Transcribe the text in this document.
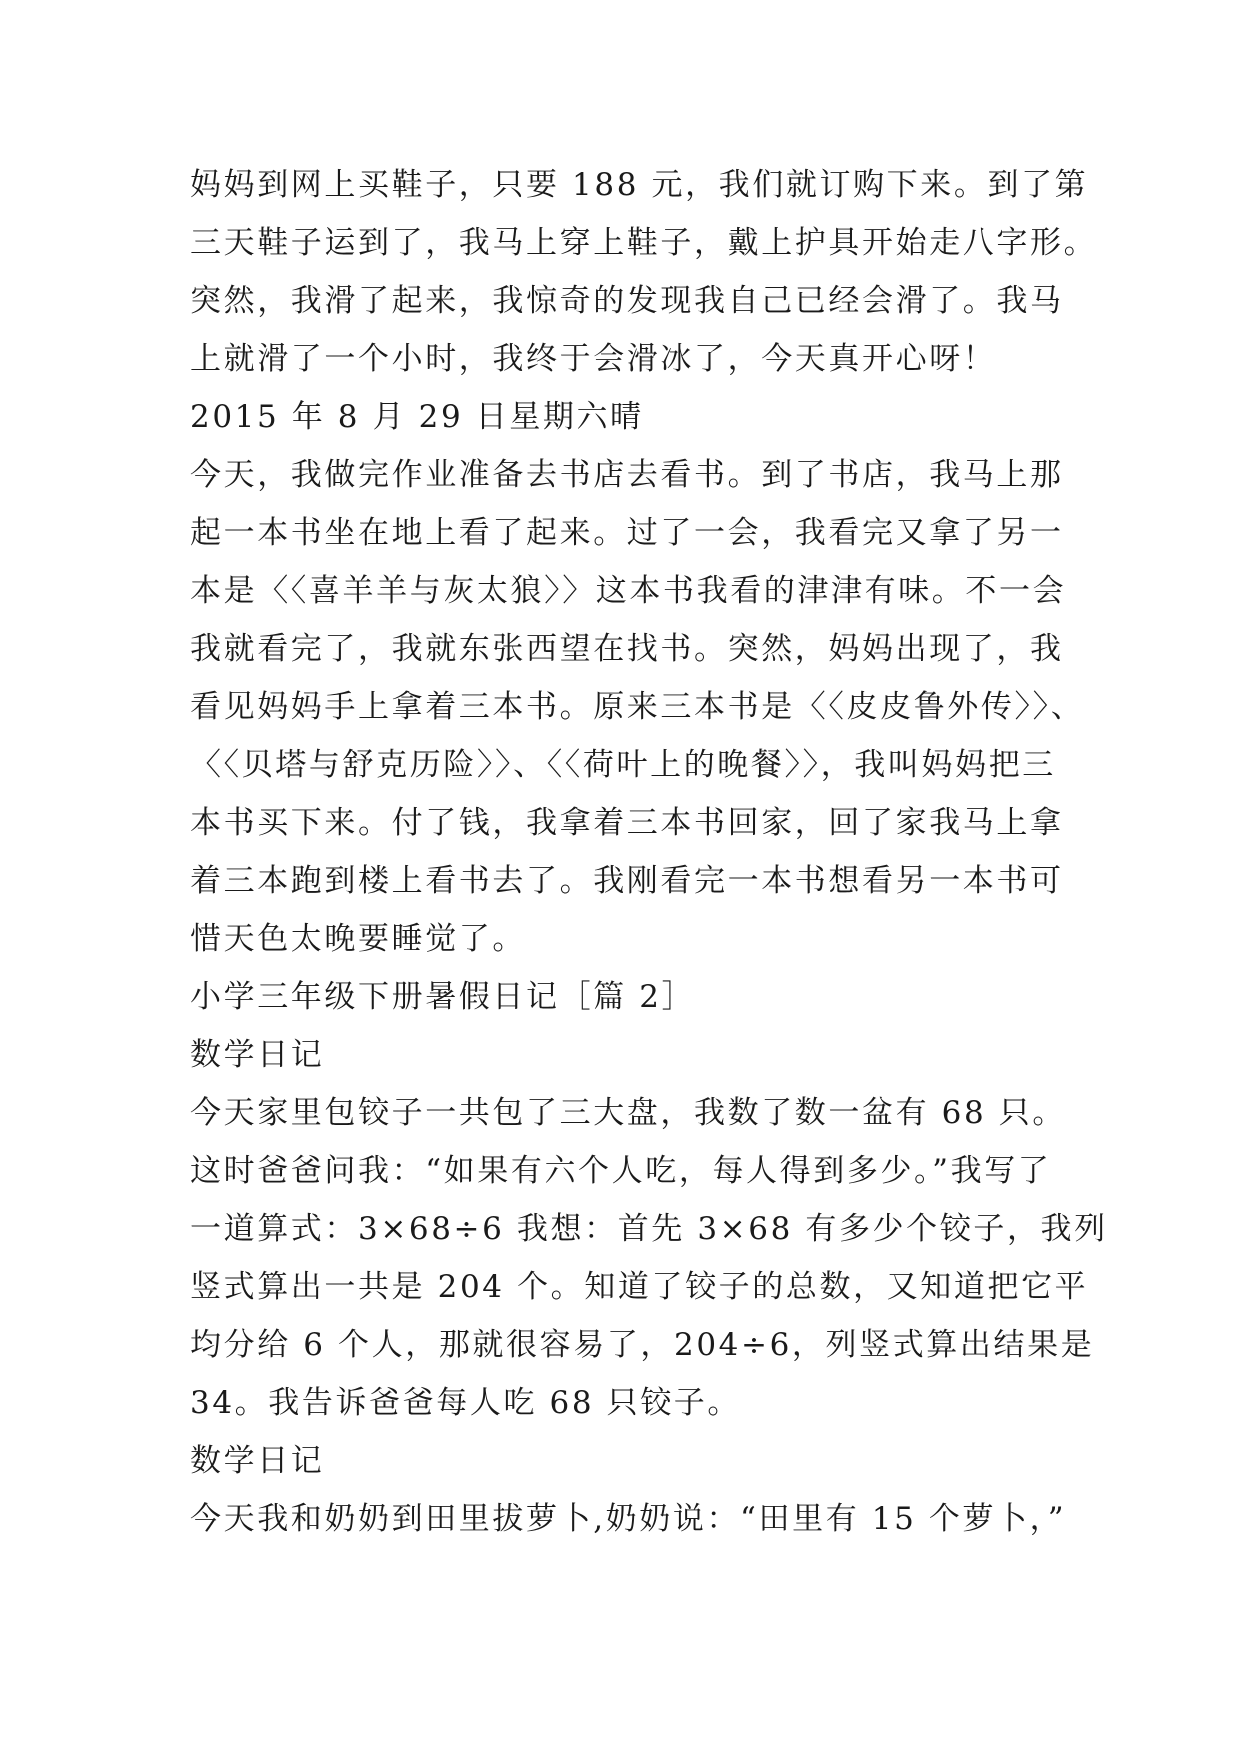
妈妈到网上买鞋子，只要 188 元，我们就订购下来。到了第
三天鞋子运到了，我马上穿上鞋子，戴上护具开始走八字形。
突然，我滑了起来，我惊奇的发现我自己已经会滑了。我马
上就滑了一个小时，我终于会滑冰了，今天真开心呀！
2015 年 8 月 29 日星期六晴
今天，我做完作业准备去书店去看书。到了书店，我马上那
起一本书坐在地上看了起来。过了一会，我看完又拿了另一
本是〈〈喜羊羊与灰太狼〉〉这本书我看的津津有味。不一会
我就看完了，我就东张西望在找书。突然，妈妈出现了，我
看见妈妈手上拿着三本书。原来三本书是〈〈皮皮鲁外传〉〉、
〈〈贝塔与舒克历险〉〉、〈〈荷叶上的晚餐〉〉，我叫妈妈把三
本书买下来。付了钱，我拿着三本书回家，回了家我马上拿
着三本跑到楼上看书去了。我刚看完一本书想看另一本书可
惜天色太晚要睡觉了。
小学三年级下册暑假日记［篇 2］
数学日记
今天家里包铰子一共包了三大盘，我数了数一盆有 68 只。
这时爸爸问我：“如果有六个人吃，每人得到多少。”我写了
一道算式：3×68÷6 我想：首先 3×68 有多少个铰子，我列
竖式算出一共是 204 个。知道了铰子的总数，又知道把它平
均分给 6 个人，那就很容易了，204÷6，列竖式算出结果是
34。我告诉爸爸每人吃 68 只铰子。
数学日记
今天我和奶奶到田里拔萝卜,奶奶说：“田里有 15 个萝卜，”
